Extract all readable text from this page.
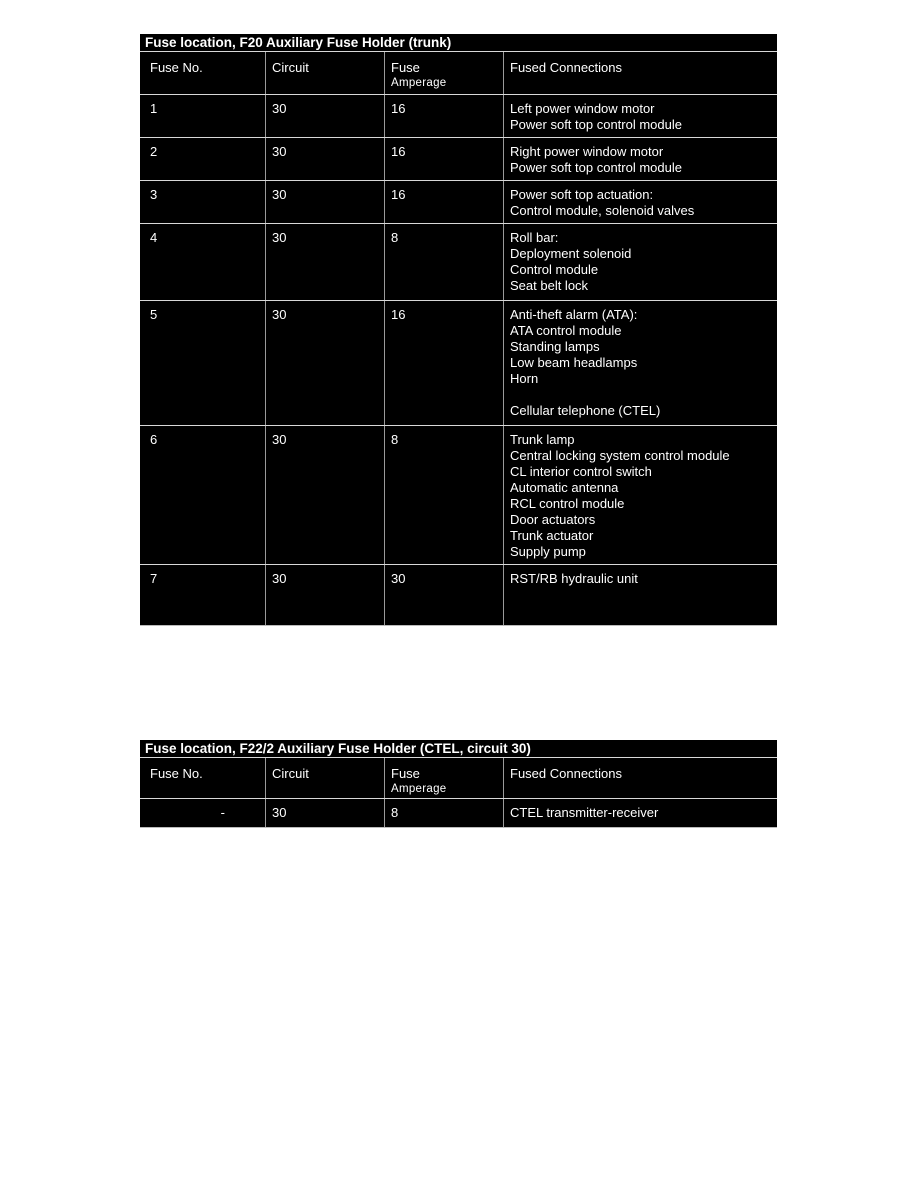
Fuse location, F20 Auxiliary Fuse Holder (trunk)
Fuse No.	Circuit	Fuse
Amperage
Fused Connections
1	30	16	Left power window motor
Power soft top control module
2	30	16	Right power window motor
Power soft top control module
3	30	16	Power soft top actuation:
Control module, solenoid valves
4	30	8	Roll bar:
Deployment solenoid
Control module
Seat belt lock
5	30	16	Anti-theft alarm (ATA):
ATA control module
Standing lamps
Low beam headlamps
Horn
Cellular telephone (CTEL)
6	30	8	Trunk lamp
Central locking system control module
CL interior control switch
Automatic antenna
RCL control module
Door actuators
Trunk actuator
Supply pump
7	30	30	RST/RB hydraulic unit
Fuse location, F22/2 Auxiliary Fuse Holder (CTEL, circuit 30)
Fuse No.	Circuit	Fuse
Amperage
Fused Connections
-	30	8	CTEL transmitter-receiver
